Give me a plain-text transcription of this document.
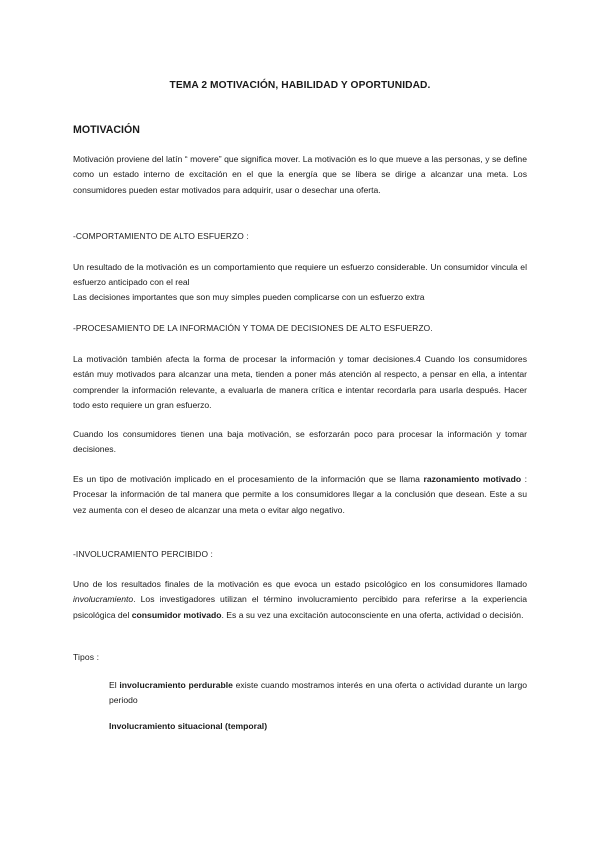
TEMA 2 MOTIVACIÓN, HABILIDAD Y OPORTUNIDAD.
MOTIVACIÓN

Motivación proviene del latín “ movere” que significa mover. La motivación es lo que mueve a las personas, y se define como un estado interno de excitación en el que la energía que se libera se dirige a alcanzar una meta. Los consumidores pueden estar motivados para adquirir, usar o desechar una oferta.

-COMPORTAMIENTO DE ALTO ESFUERZO :

Un resultado de la motivación es un comportamiento que requiere un esfuerzo considerable. Un consumidor vincula el esfuerzo anticipado con el real

Las decisiones importantes que son muy simples pueden complicarse con un esfuerzo extra

-PROCESAMIENTO DE LA INFORMACIÓN Y TOMA DE DECISIONES DE ALTO ESFUERZO.

La motivación también afecta la forma de procesar la información y tomar decisiones.4 Cuando los consumidores están muy motivados para alcanzar una meta, tienden a poner más atención al respecto, a pensar en ella, a intentar comprender la información relevante, a evaluarla de manera crítica e intentar recordarla para usarla después. Hacer todo esto requiere un gran esfuerzo.

Cuando los consumidores tienen una baja motivación, se esforzarán poco para procesar la información y tomar decisiones.

Es un tipo de motivación implicado en el procesamiento de la información que se llama razonamiento motivado : Procesar la información de tal manera que permite a los consumidores llegar a la conclusión que desean. Este a su vez aumenta con el deseo de alcanzar una meta o evitar algo negativo.

-INVOLUCRAMIENTO PERCIBIDO :

Uno de los resultados finales de la motivación es que evoca un estado psicológico en los consumidores llamado involucramiento. Los investigadores utilizan el término involucramiento percibido para referirse a la experiencia psicológica del consumidor motivado. Es a su vez una excitación autoconsciente en una oferta, actividad o decisión.

Tipos :

El involucramiento perdurable existe cuando mostramos interés en una oferta o actividad durante un largo periodo

Involucramiento situacional (temporal)
